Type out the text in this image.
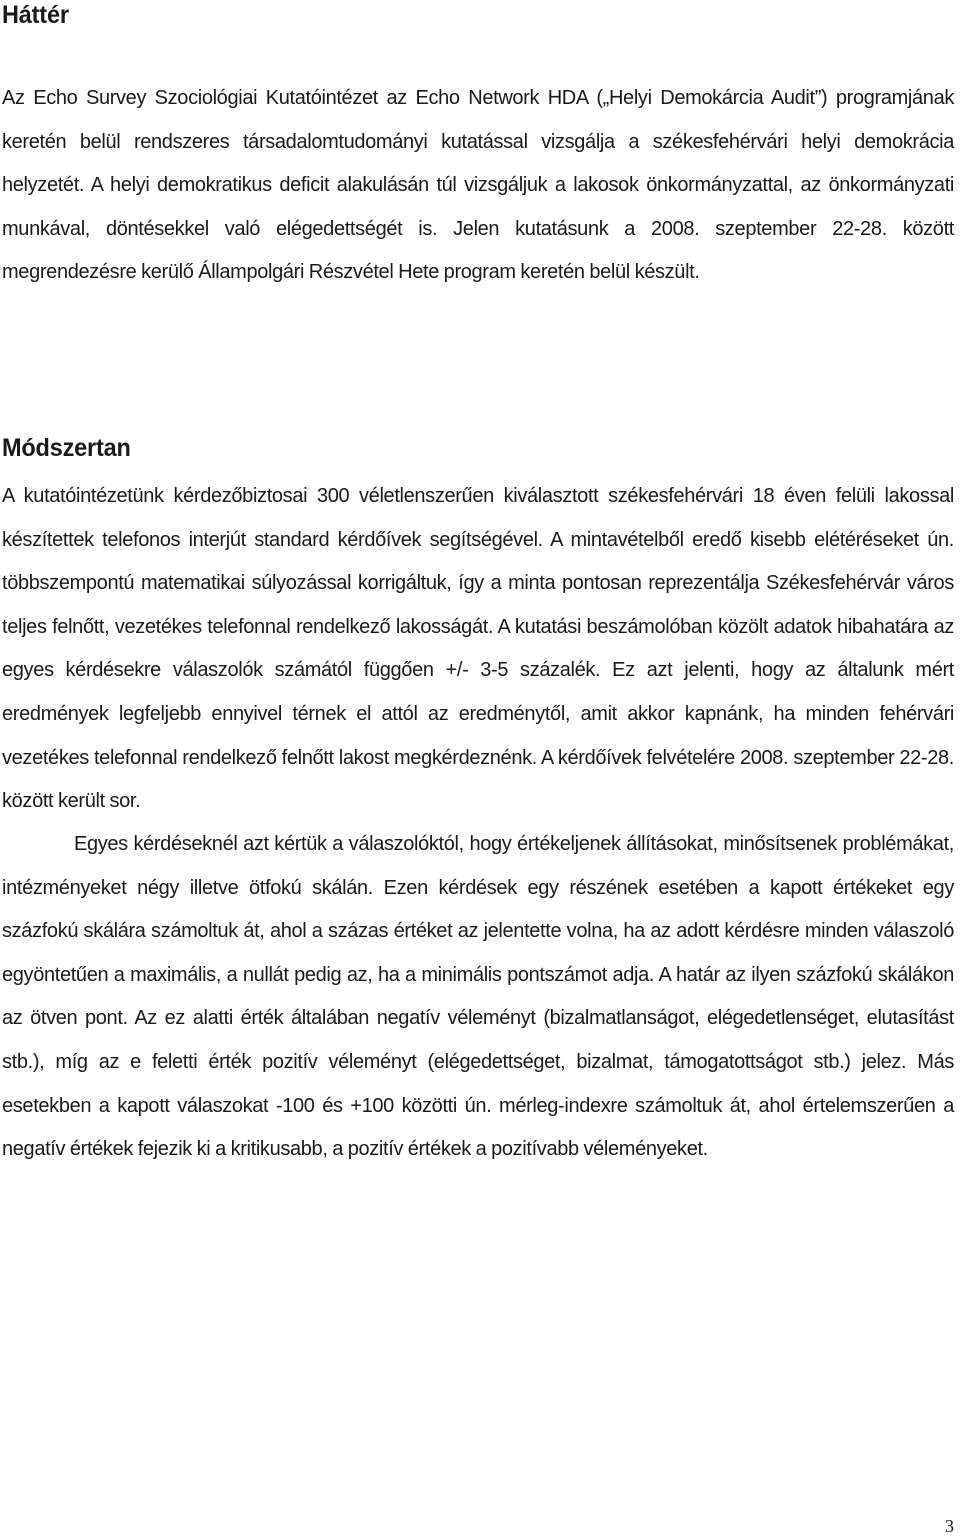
Háttér

Az Echo Survey Szociológiai Kutatóintézet az Echo Network HDA („Helyi Demokárcia Audit”) programjának keretén belül rendszeres társadalomtudományi kutatással vizsgálja a székesfehérvári helyi demokrácia helyzetét. A helyi demokratikus deficit alakulásán túl vizsgáljuk a lakosok önkormányzattal, az önkormányzati munkával, döntésekkel való elégedettségét is. Jelen kutatásunk a 2008. szeptember 22-28. között megrendezésre kerülő Állampolgári Részvétel Hete program keretén belül készült.

Módszertan

A kutatóintézetünk kérdezőbiztosai 300 véletlenszerűen kiválasztott székesfehérvári 18 éven felüli lakossal készítettek telefonos interjút standard kérdőívek segítségével. A mintavételből eredő kisebb elétéréseket ún. többszempontú matematikai súlyozással korrigáltuk, így a minta pontosan reprezentálja Székesfehérvár város teljes felnőtt, vezetékes telefonnal rendelkező lakosságát. A kutatási beszámolóban közölt adatok hibahatára az egyes kérdésekre válaszolók számától függően +/- 3-5 százalék. Ez azt jelenti, hogy az általunk mért eredmények legfeljebb ennyivel térnek el attól az eredménytől, amit akkor kapnánk, ha minden fehérvári vezetékes telefonnal rendelkező felnőtt lakost megkérdeznénk. A kérdőívek felvételére 2008. szeptember 22-28. között került sor.

Egyes kérdéseknél azt kértük a válaszolóktól, hogy értékeljenek állításokat, minősítsenek problémákat, intézményeket négy illetve ötfokú skálán. Ezen kérdések egy részének esetében a kapott értékeket egy százfokú skálára számoltuk át, ahol a százas értéket az jelentette volna, ha az adott kérdésre minden válaszoló egyöntetűen a maximális, a nullát pedig az, ha a minimális pontszámot adja. A határ az ilyen százfokú skálákon az ötven pont. Az ez alatti érték általában negatív véleményt (bizalmatlanságot, elégedetlenséget, elutasítást stb.), míg az e feletti érték pozitív véleményt (elégedettséget, bizalmat, támogatottságot stb.) jelez. Más esetekben a kapott válaszokat -100 és +100 közötti ún. mérleg-indexre számoltuk át, ahol értelemszerűen a negatív értékek fejezik ki a kritikusabb, a pozitív értékek a pozitívabb véleményeket.

3
